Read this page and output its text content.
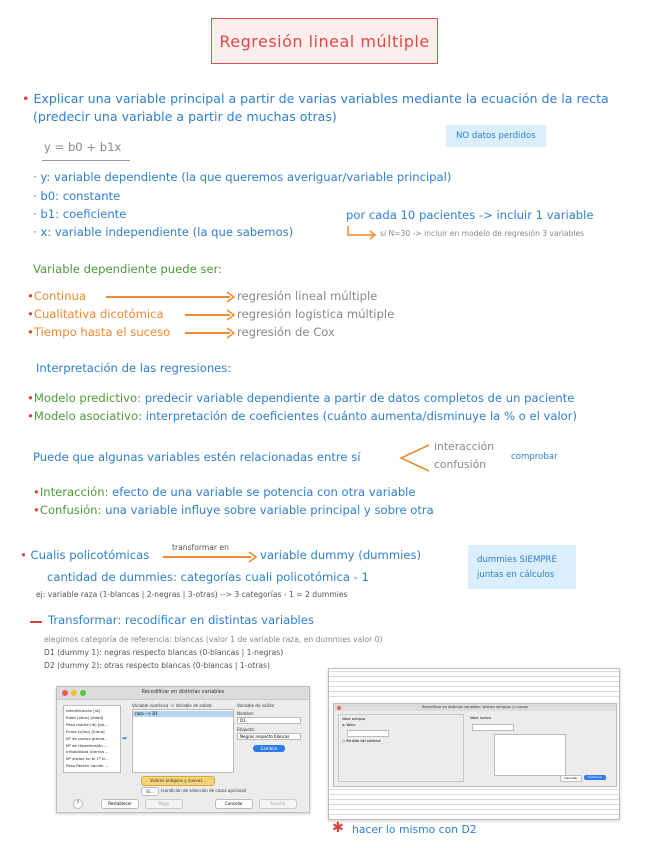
Regresión lineal múltiple
• Explicar una variable principal a partir de varias variables mediante la ecuación de la recta
(predecir una variable a partir de muchas otras)
NO datos perdidos
y = b0 + b1x
· y: variable dependiente (la que queremos averiguar/variable principal)
· b0: constante
· b1: coeficiente
· x: variable independiente (la que sabemos)
por cada 10 pacientes -> incluir 1 variable
si N=30 -> incluir en modelo de regresión 3 variables
Variable dependiente puede ser:
•Continua	regresión lineal múltiple
•Cualitativa dicotómica	regresión logística múltiple
•Tiempo hasta el suceso	regresión de Cox
Interpretación de las regresiones:
•Modelo predictivo: predecir variable dependiente a partir de datos completos de un paciente
•Modelo asociativo: interpretación de coeficientes (cuánto aumenta/disminuye la % o el valor)
Puede que algunas variables estén relacionadas entre sí
interacción
confusión
comprobar
•Interacción: efecto de una variable se potencia con otra variable
•Confusión: una variable influye sobre variable principal y sobre otra
• Cualis policotómicas
transformar en
variable dummy (dummies)	dummies SIEMPRE
juntas en cálculos
cantidad de dummies: categorías cuali policotómica - 1
ej: variable raza (1-blancas | 2-negras | 3-otras) --> 3 categorías - 1 = 2 dummies
Transformar: recodificar en distintas variables
elegimos categoría de referencia: blancas (valor 1 de variable raza, en dummies valor 0)
D1 (dummy 1): negras respecto blancas (0-blancas | 1-negras)
D2 (dummy 2): otras respecto blancas (0-blancas | 1-otras)
Recodificar en distintas variables
Identificación [id]
Edad (años) [edad]
Peso madre (lb) [pe...
Fuma (sí/no) [fuma]
Nº de partos prema...
Nº de Hipertensión ...
Irritabilidad Uterina ...
Nº visitas en el 1º tr...
Peso Recién nacido ...
➡
Variable numérica -> Variable de salida:
raza --> D1
Variable de salida
Nombre:
D1
Etiqueta:
Negras respecto blancas
Cambiar
Valores antiguos y nuevos...
Si...	(condición de selección de casos opcional)
?	Restablecer	Pegar	Cancelar	Aceptar
Recodificar en distintas variables: Valores antiguos y nuevos
Valor antiguo
◉ Valor:
○ Perdido del sistema
Valor nuevo
Cancelar	Continuar
✱ hacer lo mismo con D2
